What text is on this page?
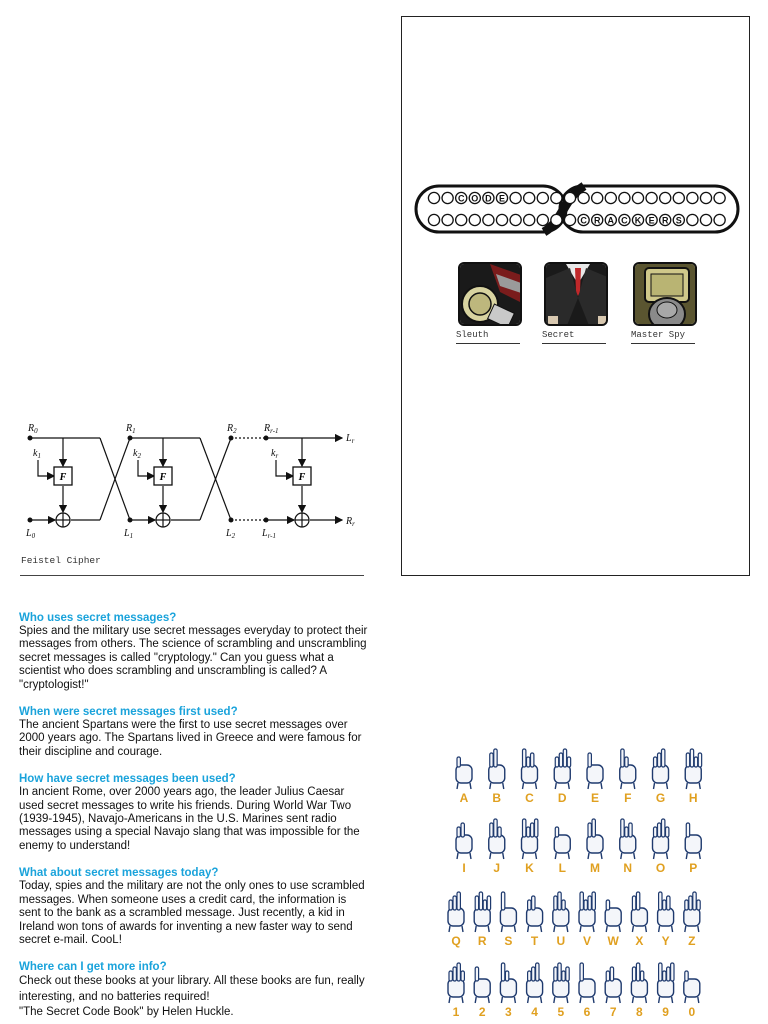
C O D E
C R A C K E R S
Sleuth	Secret	Master Spy
F	F	F
$R_0$	$R_1$	$R_2$	$R_{r-1}$
$L_r$
$k_1$	$k_2$	$k_r$
$L_0$	$L_1$	$L_2$	$L_{r-1}$
$R_r$
Feistel Cipher
Who uses secret messages?

Spies and the military use secret messages everyday to protect their messages from others. The science of scrambling and unscrambling secret messages is called "cryptology." Can you guess what a scientist who does scrambling and unscrambling is called? A "cryptologist!"

When were secret messages first used?

The ancient Spartans were the first to use secret messages over 2000 years ago. The Spartans lived in Greece and were famous for their discipline and courage.

How have secret messages been used?

In ancient Rome, over 2000 years ago, the leader Julius Caesar used secret messages to write his friends. During World War Two (1939-1945), Navajo-Americans in the U.S. Marines sent radio messages using a special Navajo slang that was impossible for the enemy to understand!

What about secret messages today?

Today, spies and the military are not the only ones to use scrambled messages. When someone uses a credit card, the information is sent to the bank as a scrambled message. Just recently, a kid in Ireland won tons of awards for inventing a new faster way to send secret e-mail. CooL!

Where can I get more info?

Check out these books at your library. All these books are fun, really interesting, and no batteries required!

"The Secret Code Book" by Helen Huckle.

A B C D E F G H
I J K L M N O P
Q R S T U V W X Y Z
1 2 3 4 5 6 7 8 9 0
